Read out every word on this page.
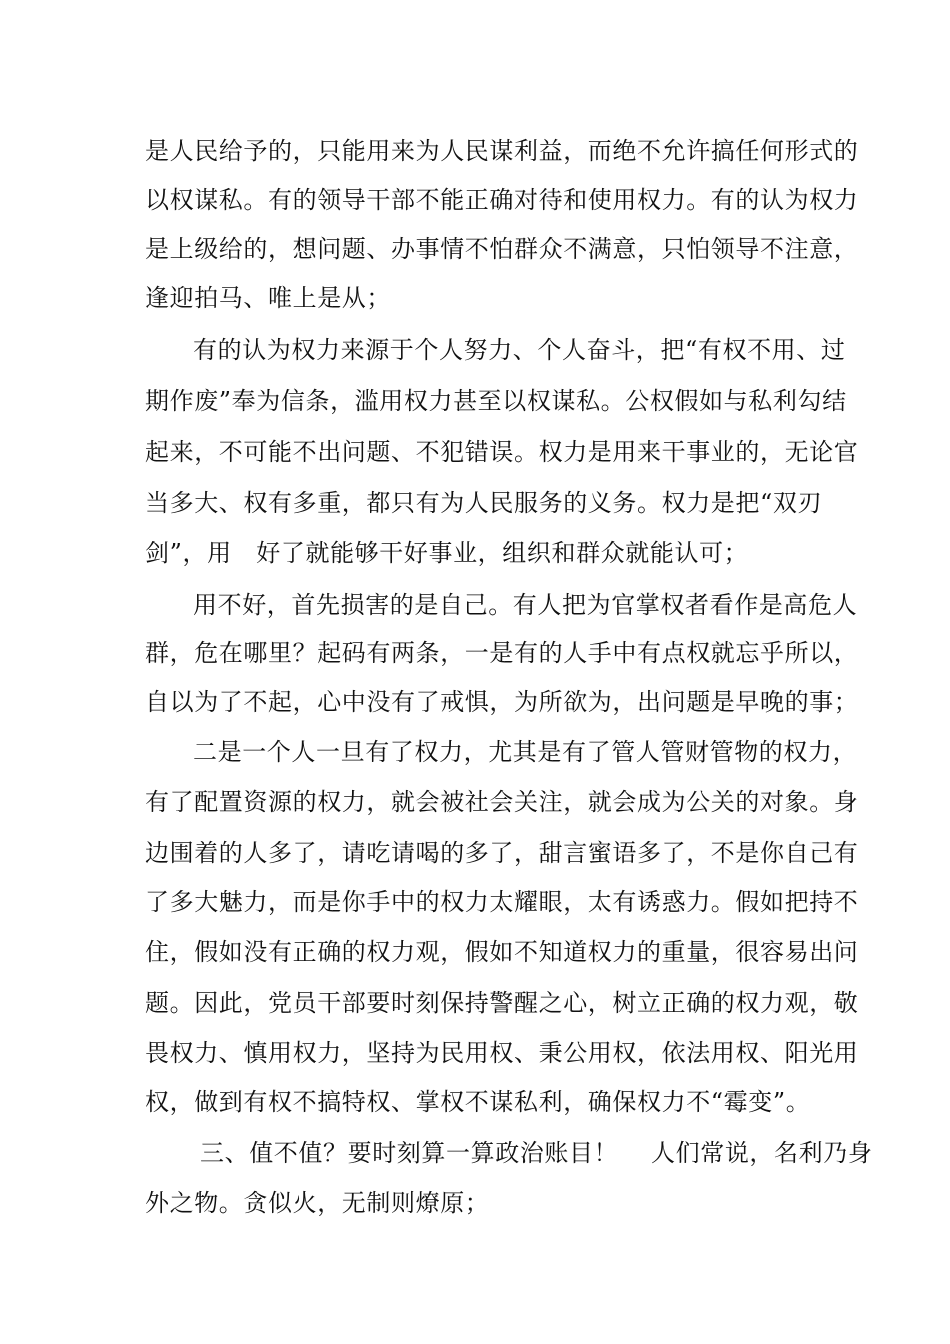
是人民给予的，只能用来为人民谋利益，而绝不允许搞任何形式的
以权谋私。有的领导干部不能正确对待和使用权力。有的认为权力
是上级给的，想问题、办事情不怕群众不满意，只怕领导不注意，
逢迎拍马、唯上是从；
有的认为权力来源于个人努力、个人奋斗，把“有权不用、过
期作废”奉为信条，滥用权力甚至以权谋私。公权假如与私利勾结
起来，不可能不出问题、不犯错误。权力是用来干事业的，无论官
当多大、权有多重，都只有为人民服务的义务。权力是把“双刃
剑”，用　好了就能够干好事业，组织和群众就能认可；
用不好，首先损害的是自己。有人把为官掌权者看作是高危人
群，危在哪里？起码有两条，一是有的人手中有点权就忘乎所以，
自以为了不起，心中没有了戒惧，为所欲为，出问题是早晚的事；
二是一个人一旦有了权力，尤其是有了管人管财管物的权力，
有了配置资源的权力，就会被社会关注，就会成为公关的对象。身
边围着的人多了，请吃请喝的多了，甜言蜜语多了，不是你自己有
了多大魅力，而是你手中的权力太耀眼，太有诱惑力。假如把持不
住，假如没有正确的权力观，假如不知道权力的重量，很容易出问
题。因此，党员干部要时刻保持警醒之心，树立正确的权力观，敬
畏权力、慎用权力，坚持为民用权、秉公用权，依法用权、阳光用
权，做到有权不搞特权、掌权不谋私利，确保权力不“霉变”。
三、值不值？要时刻算一算政治账目！　 人们常说，名利乃身
外之物。贪似火，无制则燎原；
